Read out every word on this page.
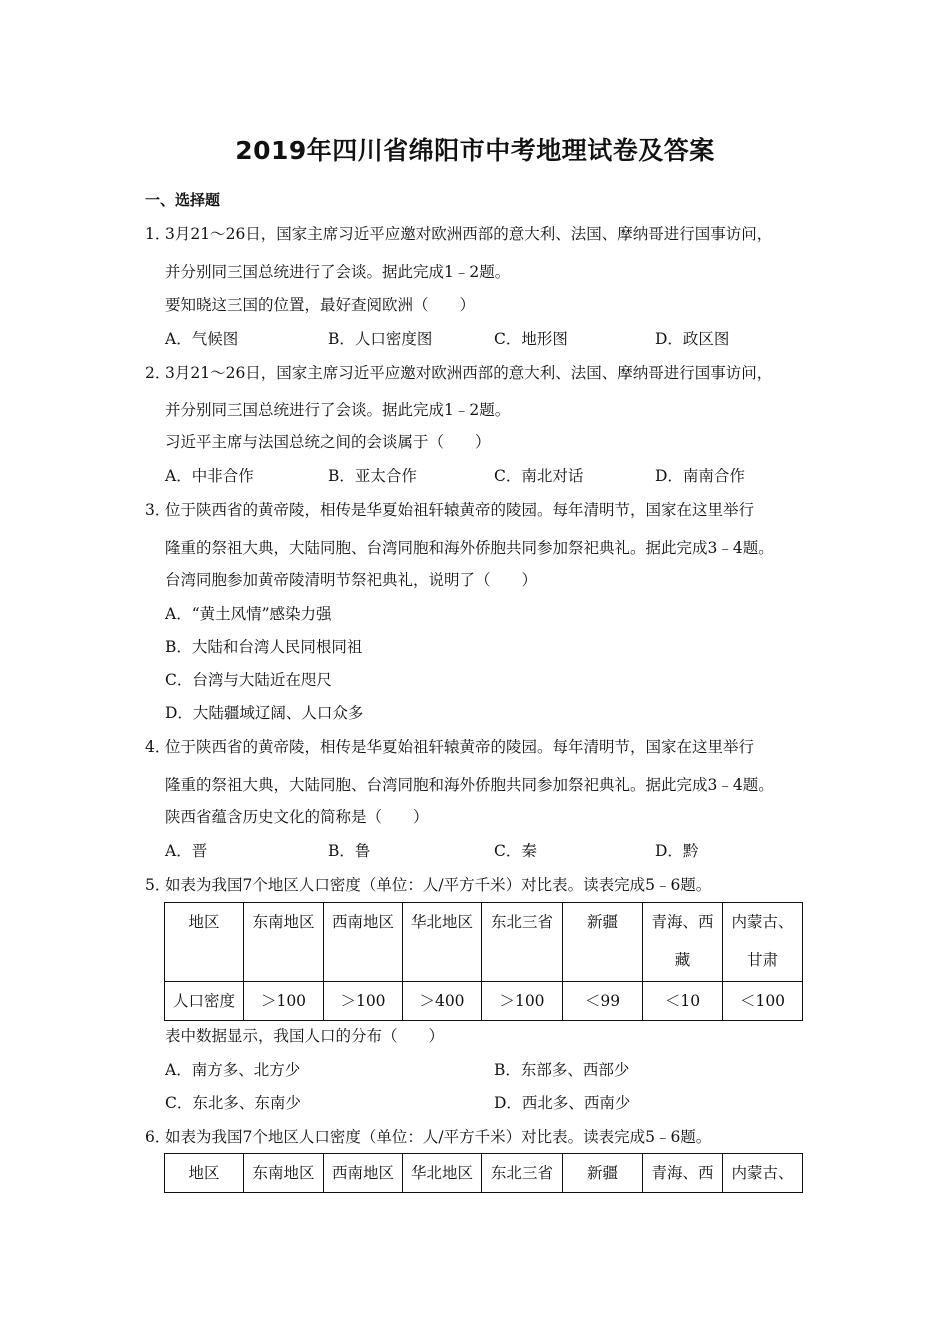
2019年四川省绵阳市中考地理试卷及答案
一、选择题
1．
3月21～26日，国家主席习近平应邀对欧洲西部的意大利、法国、摩纳哥进行国事访问，
并分别同三国总统进行了会谈。据此完成1﹣2题。
要知晓这三国的位置，最好查阅欧洲（　　）
A．气候图	B．人口密度图	C．地形图	D．政区图
2．
3月21～26日，国家主席习近平应邀对欧洲西部的意大利、法国、摩纳哥进行国事访问，
并分别同三国总统进行了会谈。据此完成1﹣2题。
习近平主席与法国总统之间的会谈属于（　　）
A．中非合作	B．亚太合作	C．南北对话	D．南南合作
3．
位于陕西省的黄帝陵，相传是华夏始祖轩辕黄帝的陵园。每年清明节，国家在这里举行
隆重的祭祖大典，大陆同胞、台湾同胞和海外侨胞共同参加祭祀典礼。据此完成3﹣4题。
台湾同胞参加黄帝陵清明节祭祀典礼，说明了（　　）
A．“黄土风情”感染力强
B．大陆和台湾人民同根同祖
C．台湾与大陆近在咫尺
D．大陆疆域辽阔、人口众多
4．
位于陕西省的黄帝陵，相传是华夏始祖轩辕黄帝的陵园。每年清明节，国家在这里举行
隆重的祭祖大典，大陆同胞、台湾同胞和海外侨胞共同参加祭祀典礼。据此完成3﹣4题。
陕西省蕴含历史文化的简称是（　　）
A．晋	B．鲁	C．秦	D．黔
5．
如表为我国7个地区人口密度（单位：人/平方千米）对比表。读表完成5﹣6题。
地区	东南地区	西南地区	华北地区	东北三省	新疆	青海、西藏	内蒙古、甘肃

人口密度	＞100	＞100	＞400	＞100	＜99	＜10	＜100
表中数据显示，我国人口的分布（　　）
A．南方多、北方少	B．东部多、西部少
C．东北多、东南少	D．西北多、西南少
6．
如表为我国7个地区人口密度（单位：人/平方千米）对比表。读表完成5﹣6题。
地区	东南地区	西南地区	华北地区	东北三省	新疆	青海、西	内蒙古、
